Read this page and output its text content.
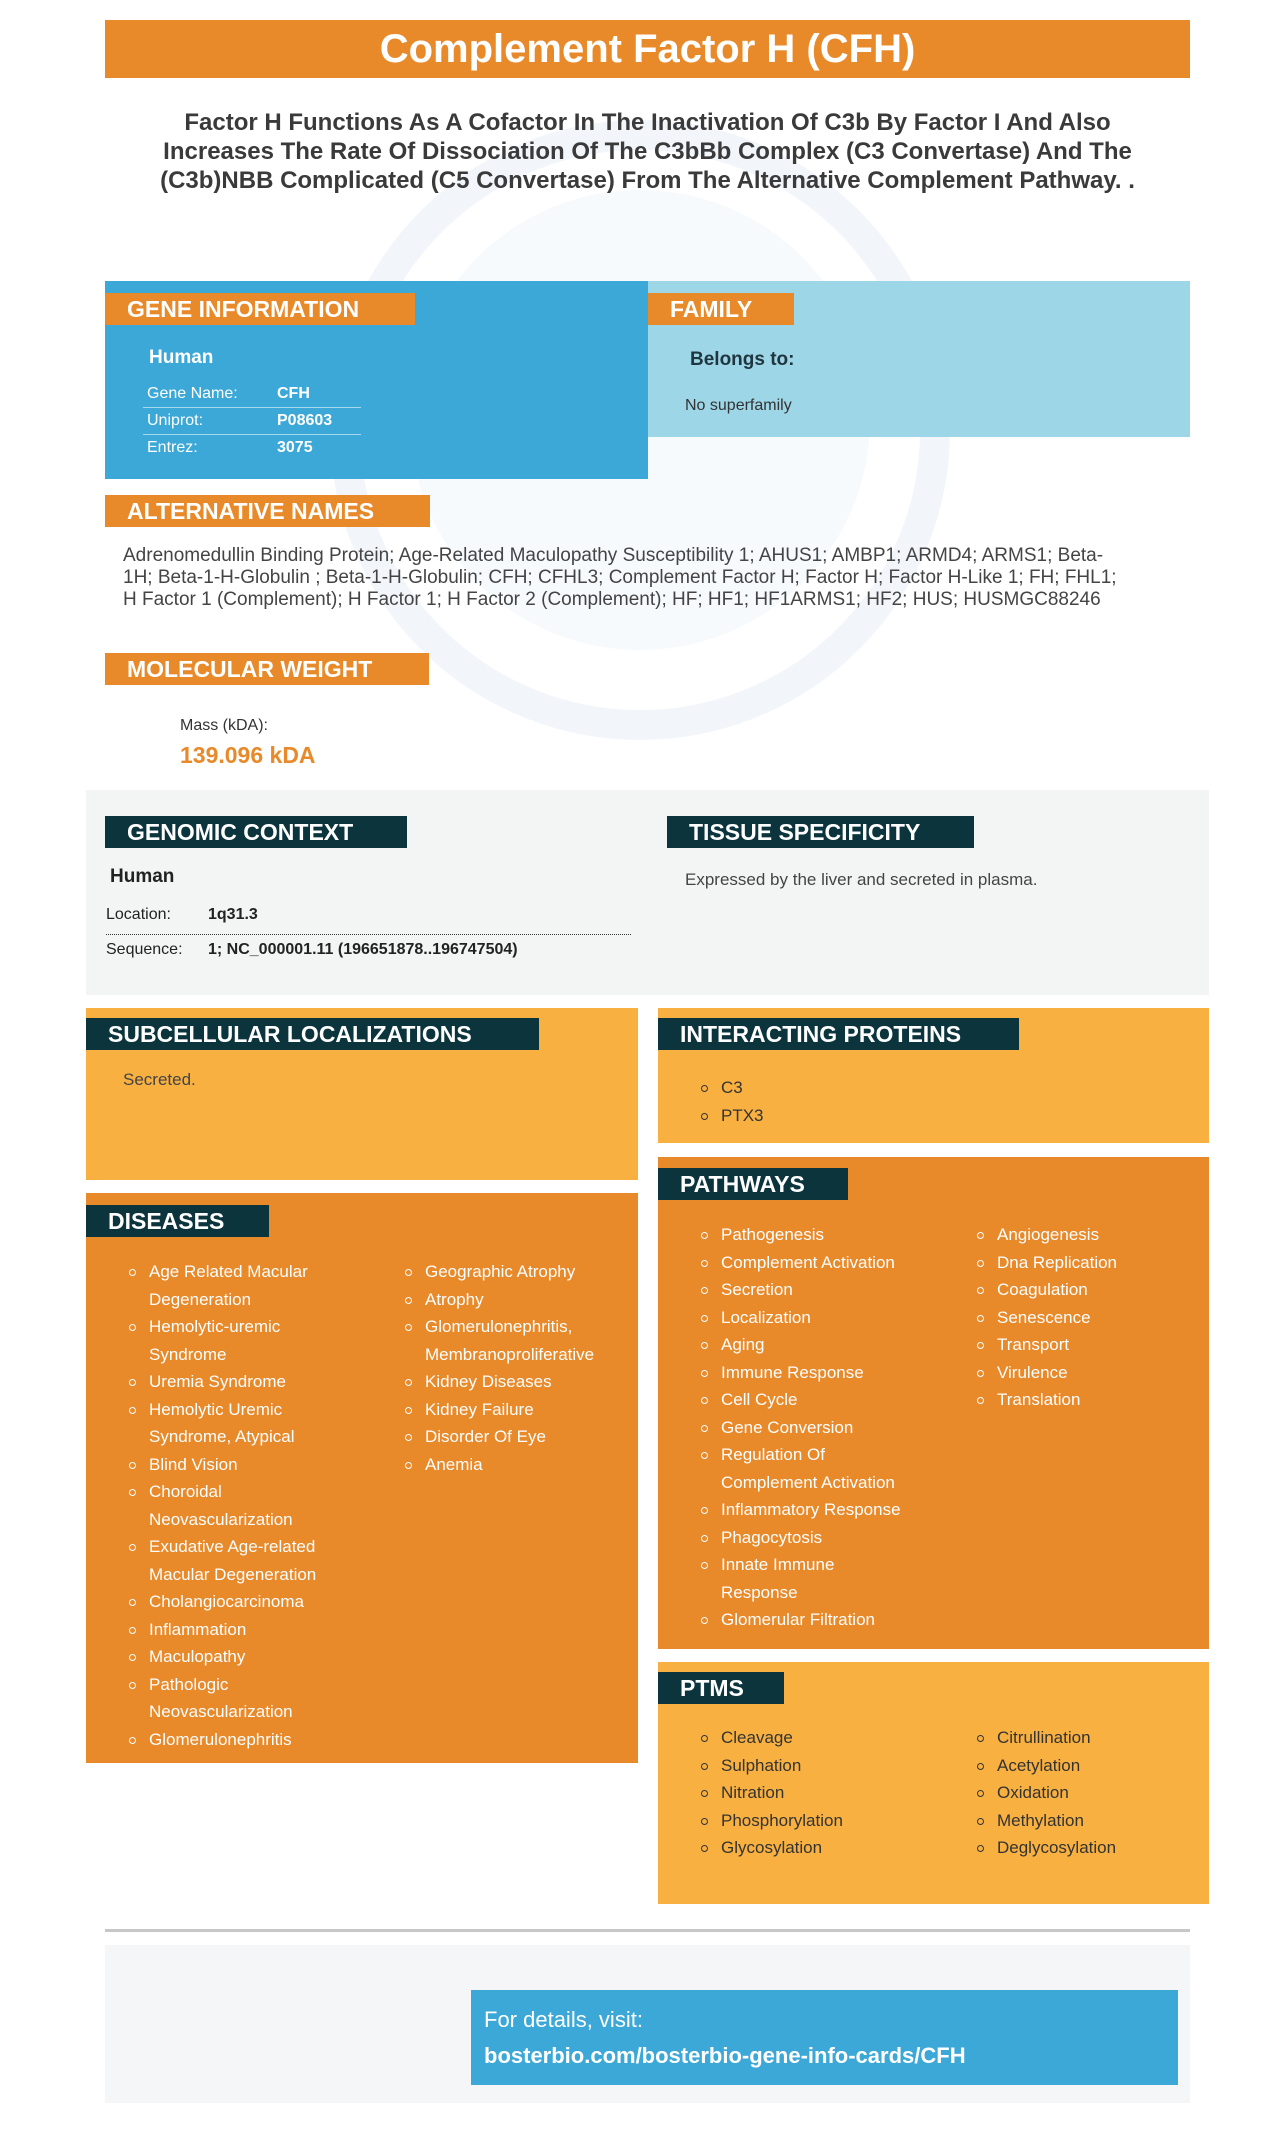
Complement Factor H (CFH)
Factor H Functions As A Cofactor In The Inactivation Of C3b By Factor I And Also Increases The Rate Of Dissociation Of The C3bBb Complex (C3 Convertase) And The (C3b)NBB Complicated (C5 Convertase) From The Alternative Complement Pathway. .
GENE INFORMATION
Human
Gene Name: CFH
Uniprot:	P08603
Entrez:	3075
FAMILY
Belongs to:
No superfamily
ALTERNATIVE NAMES
Adrenomedullin Binding Protein; Age-Related Maculopathy Susceptibility 1; AHUS1; AMBP1; ARMD4; ARMS1; Beta-
1H; Beta-1-H-Globulin ; Beta-1-H-Globulin; CFH; CFHL3; Complement Factor H; Factor H; Factor H-Like 1; FH; FHL1;
H Factor 1 (Complement); H Factor 1; H Factor 2 (Complement); HF; HF1; HF1ARMS1; HF2; HUS; HUSMGC88246
MOLECULAR WEIGHT
Mass (kDA):
139.096 kDA
GENOMIC CONTEXT
Human
Location: 1q31.3
Sequence: 1; NC_000001.11 (196651878..196747504)
TISSUE SPECIFICITY
Expressed by the liver and secreted in plasma.
SUBCELLULAR LOCALIZATIONS
Secreted.
INTERACTING PROTEINS
C3
PTX3
DISEASES
Age Related Macular Degeneration
Hemolytic-uremic Syndrome
Uremia Syndrome
Hemolytic Uremic Syndrome, Atypical
Blind Vision
Choroidal Neovascularization
Exudative Age-related Macular Degeneration
Cholangiocarcinoma
Inflammation
Maculopathy
Pathologic Neovascularization
Glomerulonephritis
Geographic Atrophy
Atrophy
Glomerulonephritis, Membranoproliferative
Kidney Diseases
Kidney Failure
Disorder Of Eye
Anemia
PATHWAYS
Pathogenesis
Complement Activation
Secretion
Localization
Aging
Immune Response
Cell Cycle
Gene Conversion
Regulation Of Complement Activation
Inflammatory Response
Phagocytosis
Innate Immune Response
Glomerular Filtration
Angiogenesis
Dna Replication
Coagulation
Senescence
Transport
Virulence
Translation
PTMS
Cleavage
Sulphation
Nitration
Phosphorylation
Glycosylation
Citrullination
Acetylation
Oxidation
Methylation
Deglycosylation
For details, visit:
bosterbio.com/bosterbio-gene-info-cards/CFH
